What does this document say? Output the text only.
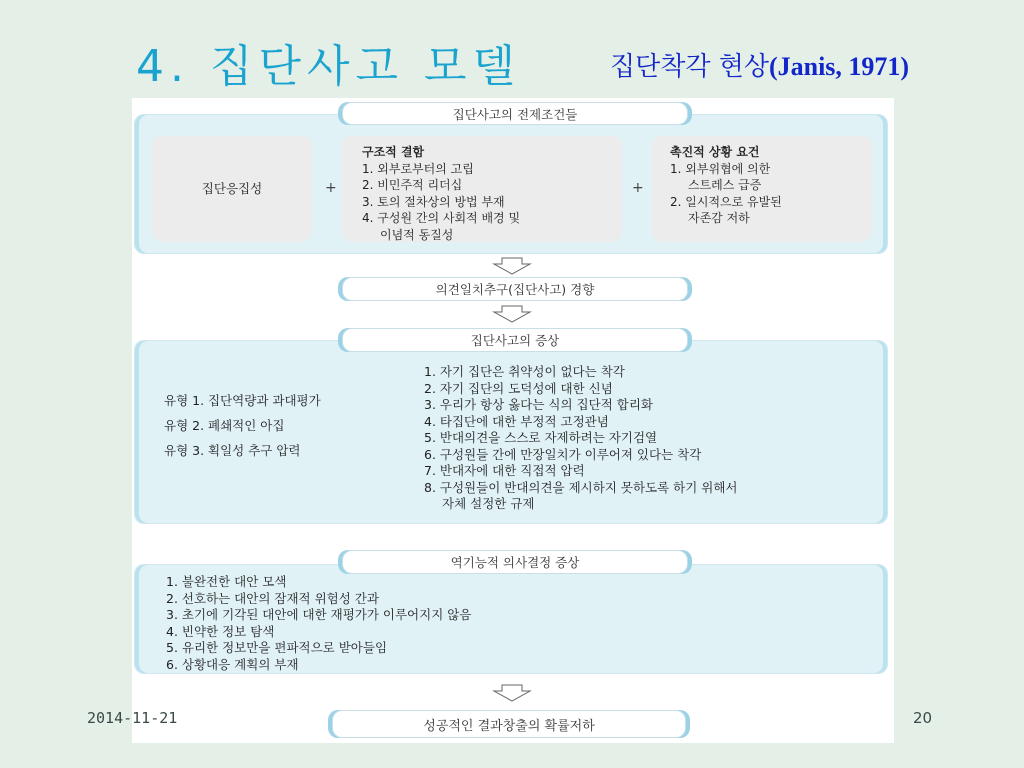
4. 집단사고 모델	집단착각 현상(Janis, 1971)
집단사고의 전제조건들
집단응집성	+
구조적 결함
1. 외부로부터의 고립
2. 비민주적 리더십
3. 토의 절차상의 방법 부재
4. 구성원 간의 사회적 배경 및
이념적 동질성
+
촉진적 상황 요건
1. 외부위협에 의한
스트레스 급증
2. 일시적으로 유발된
자존감 저하
의견일치추구(집단사고) 경향
집단사고의 증상
유형 1. 집단역량과 과대평가
유형 2. 폐쇄적인 아집
유형 3. 획일성 추구 압력
1. 자기 집단은 취약성이 없다는 착각
2. 자기 집단의 도덕성에 대한 신념
3. 우리가 항상 옳다는 식의 집단적 합리화
4. 타집단에 대한 부정적 고정관념
5. 반대의견을 스스로 자제하려는 자기검열
6. 구성원들 간에 만장일치가 이루어져 있다는 착각
7. 반대자에 대한 직접적 압력
8. 구성원들이 반대의견을 제시하지 못하도록 하기 위해서
자체 설정한 규제
역기능적 의사결정 증상
1. 불완전한 대안 모색
2. 선호하는 대안의 잠재적 위험성 간과
3. 초기에 기각된 대안에 대한 재평가가 이루어지지 않음
4. 빈약한 정보 탐색
5. 유리한 정보만을 편파적으로 받아들임
6. 상황대응 계획의 부재
성공적인 결과창출의 확률저하
2014-11-21	20
